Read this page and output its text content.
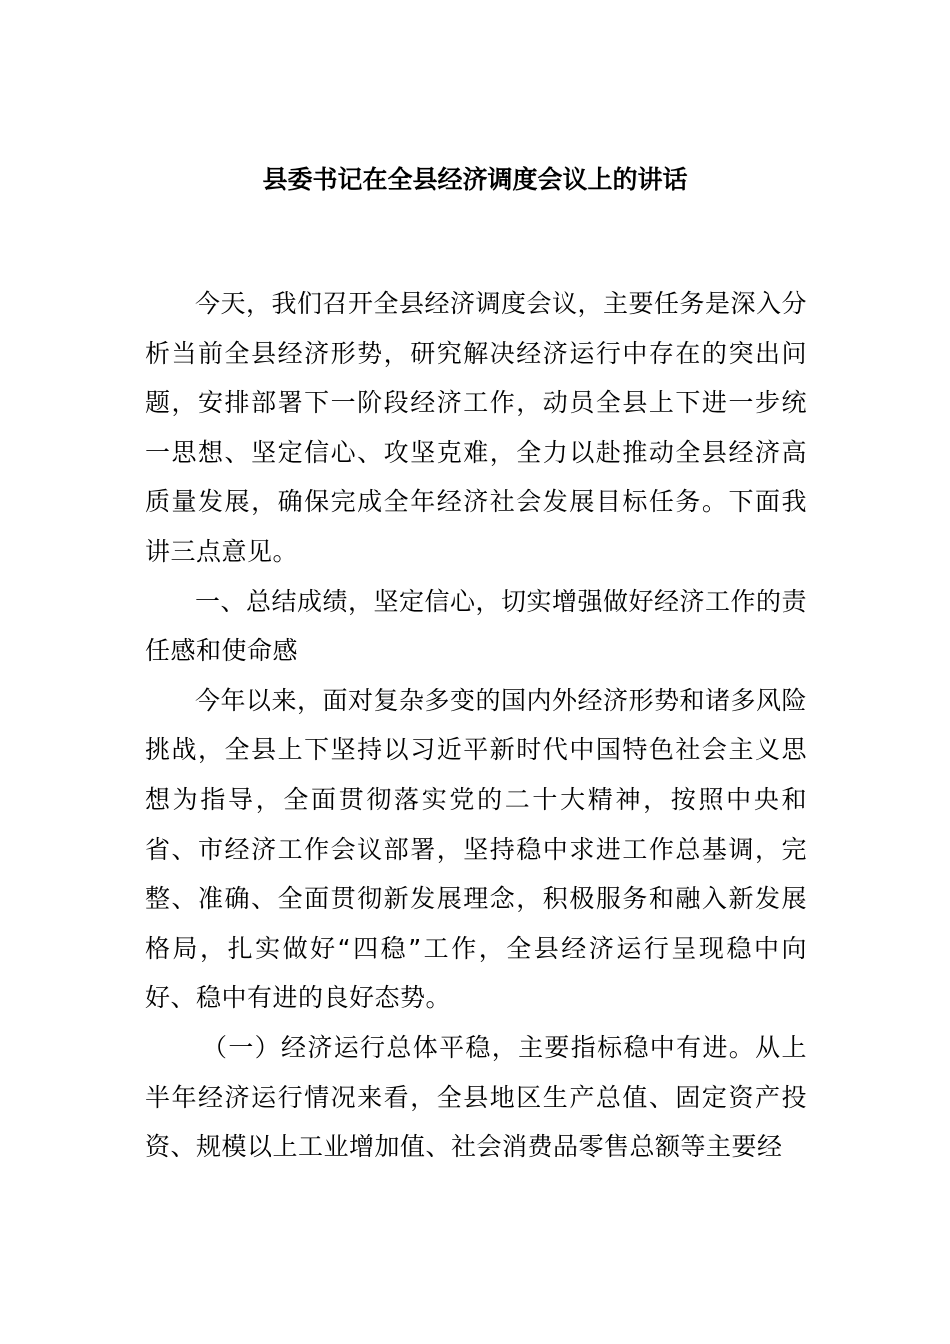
县委书记在全县经济调度会议上的讲话

今天，我们召开全县经济调度会议，主要任务是深入分析当前全县经济形势，研究解决经济运行中存在的突出问题，安排部署下一阶段经济工作，动员全县上下进一步统一思想、坚定信心、攻坚克难，全力以赴推动全县经济高质量发展，确保完成全年经济社会发展目标任务。下面我讲三点意见。

一、总结成绩，坚定信心，切实增强做好经济工作的责任感和使命感

今年以来，面对复杂多变的国内外经济形势和诸多风险挑战，全县上下坚持以习近平新时代中国特色社会主义思想为指导，全面贯彻落实党的二十大精神，按照中央和省、市经济工作会议部署，坚持稳中求进工作总基调，完整、准确、全面贯彻新发展理念，积极服务和融入新发展格局，扎实做好“四稳”工作，全县经济运行呈现稳中向好、稳中有进的良好态势。

（一）经济运行总体平稳，主要指标稳中有进。从上半年经济运行情况来看，全县地区生产总值、固定资产投资、规模以上工业增加值、社会消费品零售总额等主要经
